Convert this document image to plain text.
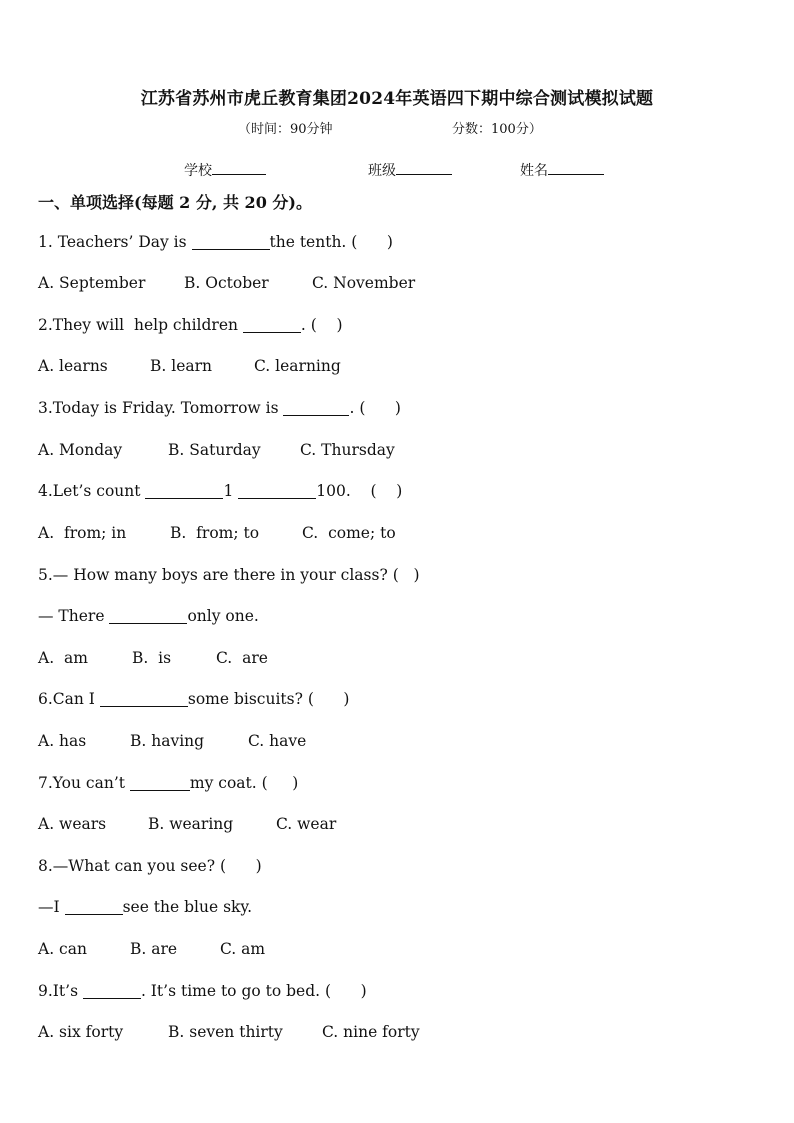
江苏省苏州市虎丘教育集团2024年英语四下期中综合测试模拟试题
（时间：90分钟	分数：100分）
学校	班级	姓名
一、单项选择(每题 2 分, 共 20 分)。
1. Teachers’ Day is	the tenth. (      )
A. September B. October	C. November
2.They will  help children	. (    )
A. learns	B. learn	C. learning
3.Today is Friday. Tomorrow is	. (      )
A. Monday	B. Saturday	C. Thursday
4.Let’s count	1	100.    (    )
A.  from; in	B.  from; to	C.  come; to
5.— How many boys are there in your class? (   )
— There	only one.
A.  am	B.  is	C.  are
6.Can I	some biscuits? (      )
A. has	B. having	C. have
7.You can’t	my coat. (     )
A. wears	B. wearing	C. wear
8.—What can you see? (      )
—I	see the blue sky.
A. can	B. are	C. am
9.It’s	. It’s time to go to bed. (      )
A. six forty	B. seven thirty	C. nine forty
